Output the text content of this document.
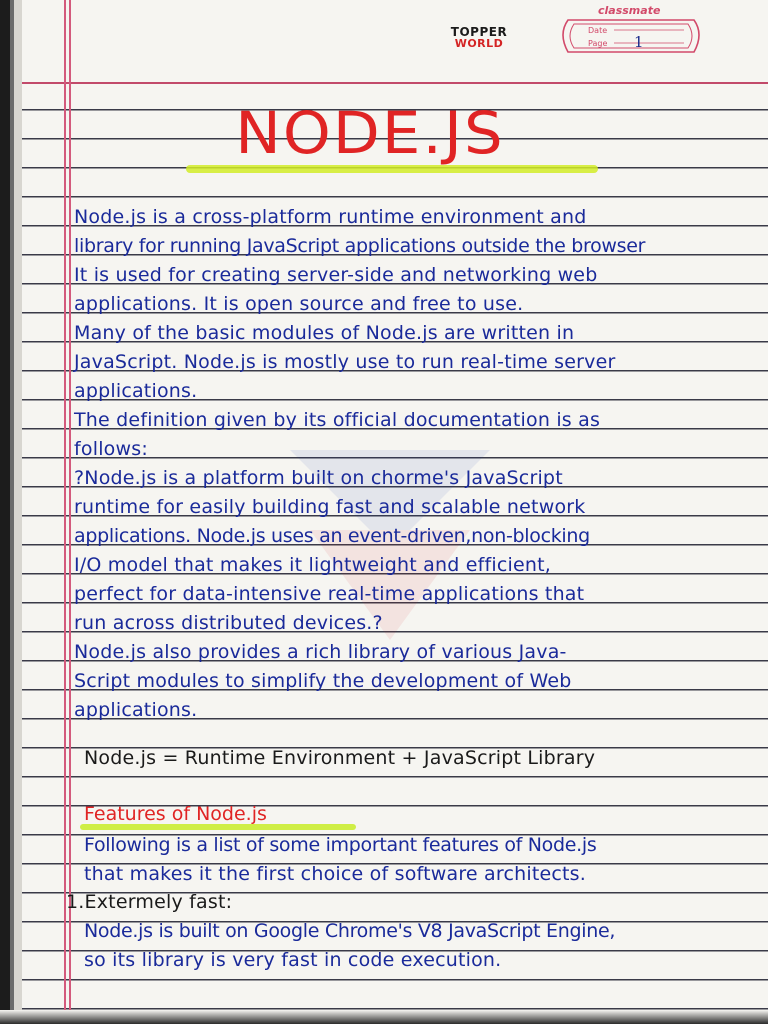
TOPPER
WORLD
classmate
Date
Page 1
NODE.JS
Node.js is a cross-platform runtime environment and
library for running JavaScript applications outside the browser
It is used for creating server-side and networking web
applications. It is open source and free to use.
Many of the basic modules of Node.js are written in
JavaScript. Node.js is mostly use to run real-time server
applications.
The definition given by its official documentation is as
follows:
?Node.js is a platform built on chorme's JavaScript
runtime for easily building fast and scalable network
applications. Node.js uses an event-driven,non-blocking
I/O model that makes it lightweight and efficient,
perfect for data-intensive real-time applications that
run across distributed devices.?
Node.js also provides a rich library of various Java-
Script modules to simplify the development of Web
applications.
Node.js = Runtime Environment + JavaScript Library
Features of Node.js
Following is a list of some important features of Node.js
that makes it the first choice of software architects.
1.Extermely fast:
Node.js is built on Google Chrome's V8 JavaScript Engine,
so its library is very fast in code execution.
